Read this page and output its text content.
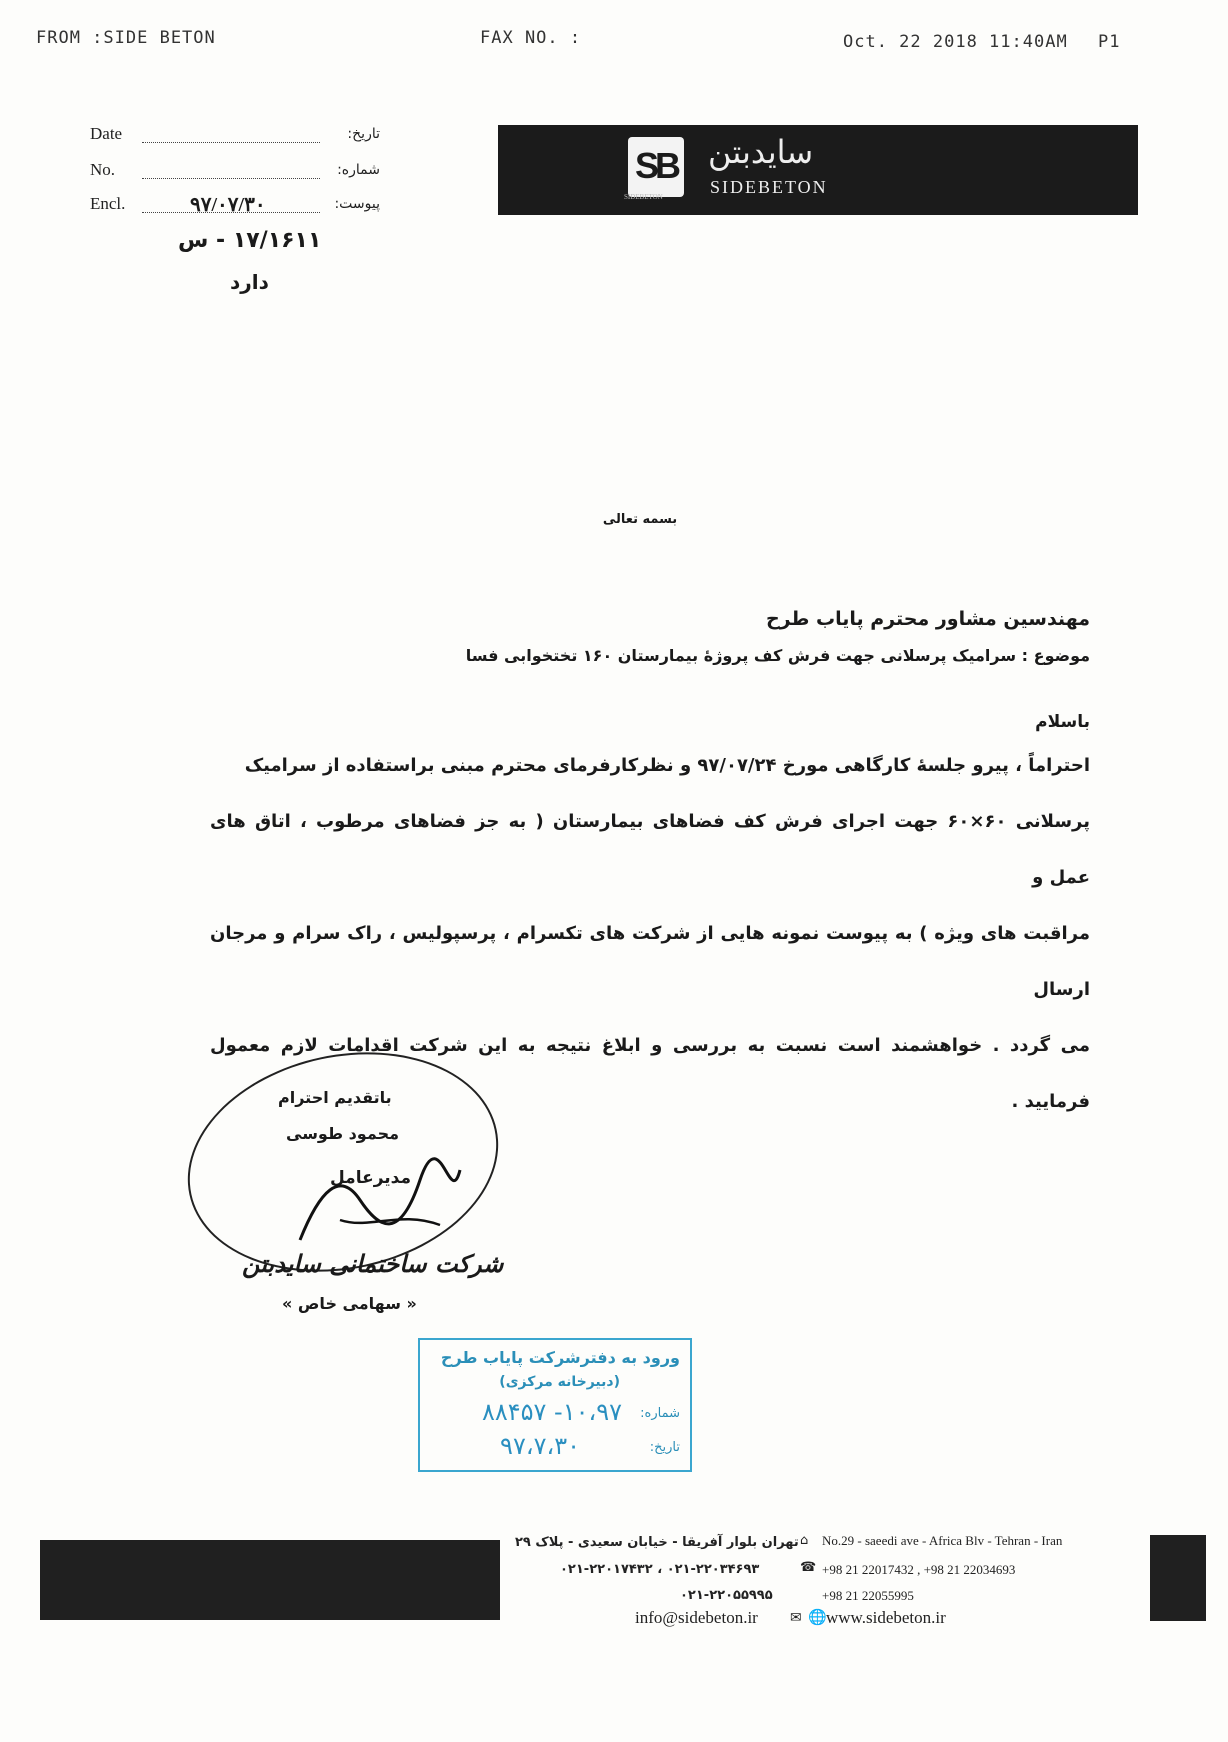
FROM :SIDE BETON	FAX NO. :	Oct. 22 2018 11:40AM P1
Date	تاریخ:
No.	شماره:
Encl.	۹۷/۰۷/۳۰	پیوست:
۱۷/۱۶۱۱ - س
دارد
SB
SIDEBETON
سایدبتن
SIDEBETON
بسمه تعالی
مهندسین مشاور محترم پایاب طرح
موضوع : سرامیک پرسلانی جهت فرش کف پروژۀ بیمارستان ۱۶۰ تختخوابی فسا
باسلام
احتراماً ، پیرو جلسۀ کارگاهی مورخ ۹۷/۰۷/۲۴ و نظرکارفرمای محترم مبنی براستفاده از سرامیک
پرسلانی ۶۰×۶۰ جهت اجرای فرش کف فضاهای بیمارستان ( به جز فضاهای مرطوب ، اتاق های عمل و
مراقبت های ویژه ) به پیوست نمونه هایی از شرکت های تکسرام ، پرسپولیس ، راک سرام و مرجان ارسال
می گردد . خواهشمند است نسبت به بررسی و ابلاغ نتیجه به این شرکت اقدامات لازم معمول فرمایید .
باتقدیم احترام
محمود طوسی
مدیرعامل
شرکت ساختمانی سایدبتن
« سهامی خاص »
ورود به دفترشرکت پایاب طرح
(دبیرخانه مرکزی)
شماره:
۱۰،۹۷- ۸۸۴۵۷
تاریخ:
۹۷،۷،۳۰
تهران بلوار آفریقا - خیابان سعیدی - پلاک ۲۹ ⌂ No.29 - saeedi ave - Africa Blv - Tehran - Iran
۰۲۱-۲۲۰۳۴۶۹۳ ، ۰۲۱-۲۲۰۱۷۴۳۲	☎ +98 21 22017432 , +98 21 22034693
۰۲۱-۲۲۰۵۵۹۹۵	+98 21 22055995
info@sidebeton.ir ✉ 🌐 www.sidebeton.ir
